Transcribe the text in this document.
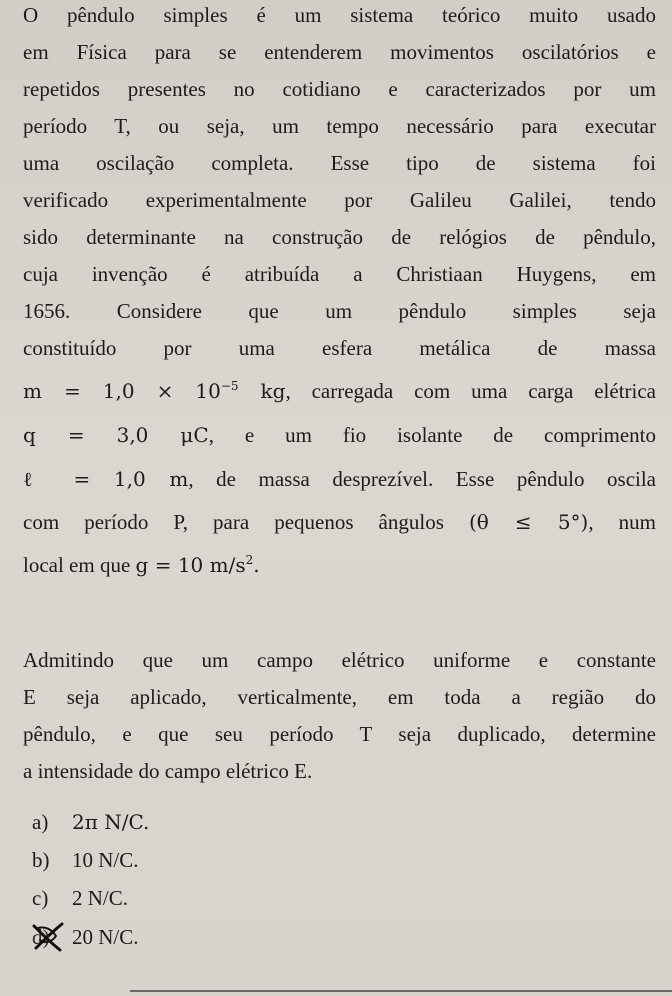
O pêndulo simples é um sistema teórico muito usado
em Física para se entenderem movimentos oscilatórios e
repetidos presentes no cotidiano e caracterizados por um
período T, ou seja, um tempo necessário para executar
uma oscilação completa. Esse tipo de sistema foi
verificado experimentalmente por Galileu Galilei, tendo
sido determinante na construção de relógios de pêndulo,
cuja invenção é atribuída a Christiaan Huygens, em
1656. Considere que um pêndulo simples seja
constituído por uma esfera metálica de massa
$m = 1,0 \times 10^{-5}$ kg, carregada com uma carga elétrica
q = 3,0 μC, e um fio isolante de comprimento
ℓ = 1,0 m, de massa desprezível. Esse pêndulo oscila
com período P, para pequenos ângulos (θ ≤ 5°), num
local em que g = 10 $m/s^2$.
Admitindo que um campo elétrico uniforme e constante
E seja aplicado, verticalmente, em toda a região do
pêndulo, e que seu período T seja duplicado, determine
a intensidade do campo elétrico E.
a) 2π N/C.
b) 10 N/C.
c) 2 N/C.
d) 20 N/C.
